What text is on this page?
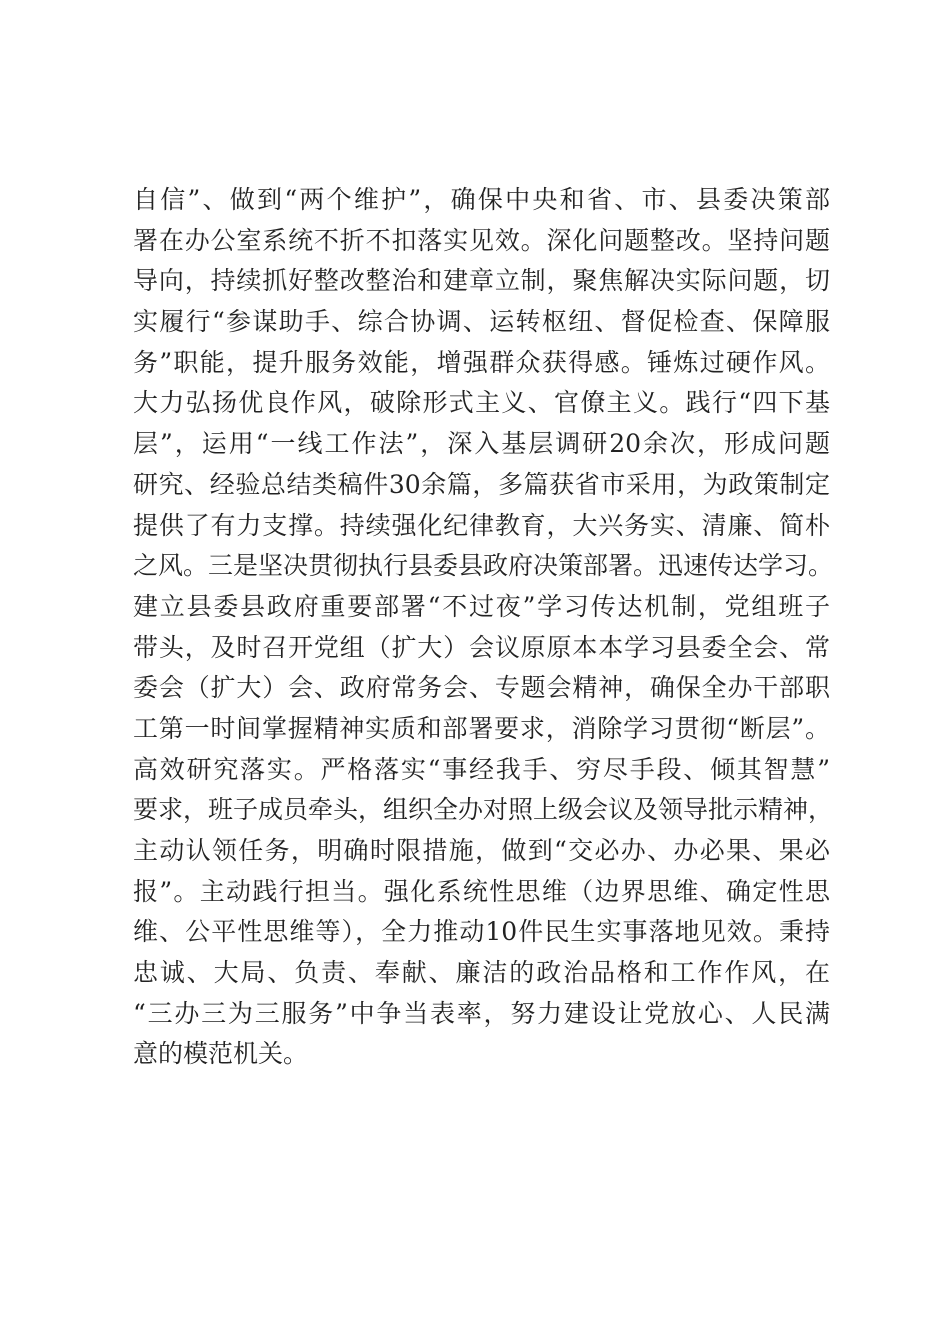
自信”、做到“两个维护”，确保中央和省、市、县委决策部
署在办公室系统不折不扣落实见效。深化问题整改。坚持问题
导向，持续抓好整改整治和建章立制，聚焦解决实际问题，切
实履行“参谋助手、综合协调、运转枢纽、督促检查、保障服
务”职能，提升服务效能，增强群众获得感。锤炼过硬作风。
大力弘扬优良作风，破除形式主义、官僚主义。践行“四下基
层”，运用“一线工作法”，深入基层调研20余次，形成问题
研究、经验总结类稿件30余篇，多篇获省市采用，为政策制定
提供了有力支撑。持续强化纪律教育，大兴务实、清廉、简朴
之风。三是坚决贯彻执行县委县政府决策部署。迅速传达学习。
建立县委县政府重要部署“不过夜”学习传达机制，党组班子
带头，及时召开党组（扩大）会议原原本本学习县委全会、常
委会（扩大）会、政府常务会、专题会精神，确保全办干部职
工第一时间掌握精神实质和部署要求，消除学习贯彻“断层”。
高效研究落实。严格落实“事经我手、穷尽手段、倾其智慧”
要求，班子成员牵头，组织全办对照上级会议及领导批示精神，
主动认领任务，明确时限措施，做到“交必办、办必果、果必
报”。主动践行担当。强化系统性思维（边界思维、确定性思
维、公平性思维等），全力推动10件民生实事落地见效。秉持
忠诚、大局、负责、奉献、廉洁的政治品格和工作作风，在
“三办三为三服务”中争当表率，努力建设让党放心、人民满
意的模范机关。
